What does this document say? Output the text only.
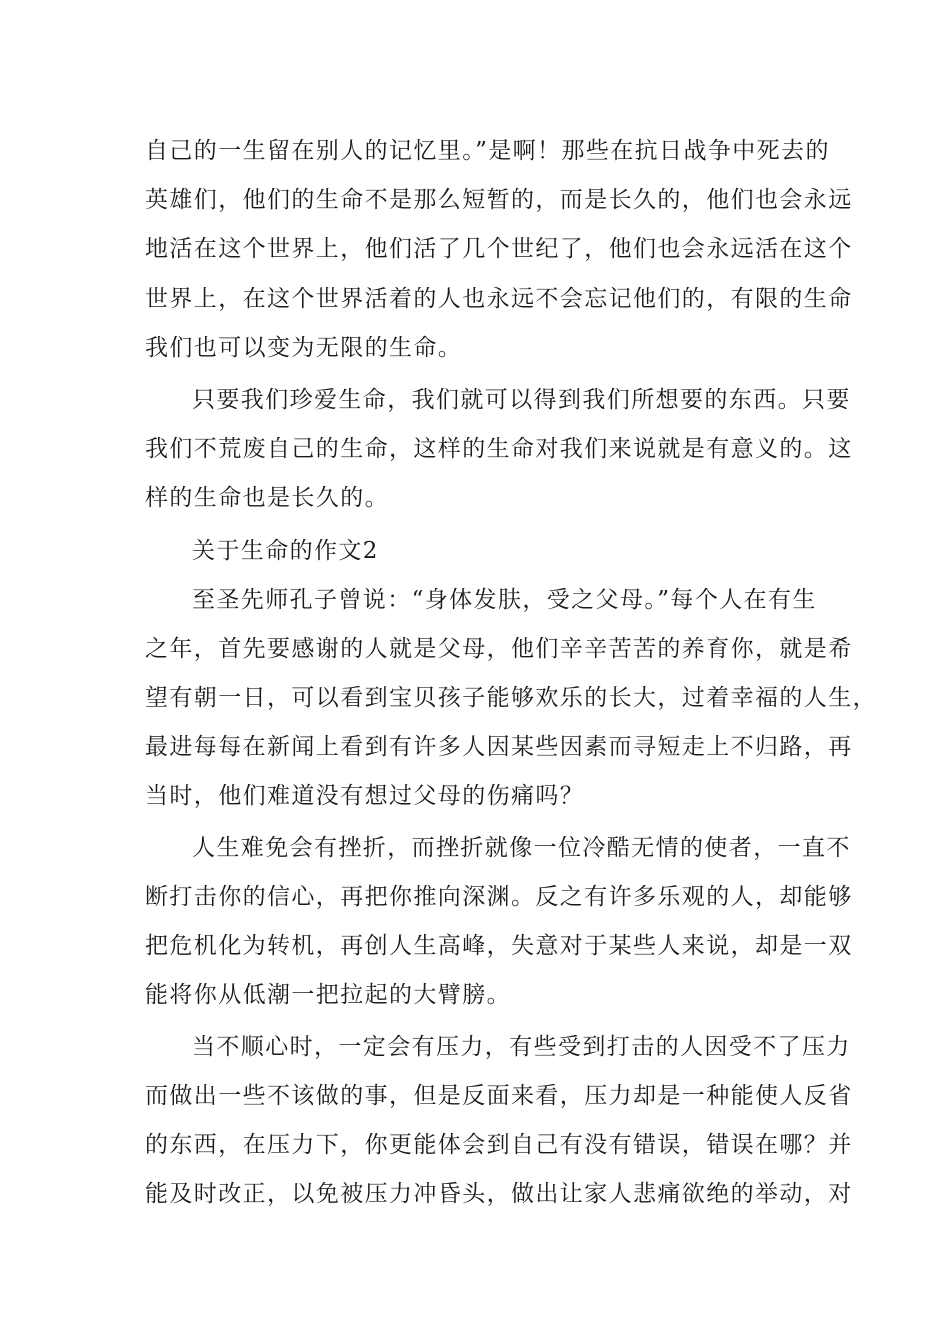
自己的一生留在别人的记忆里。”是啊！那些在抗日战争中死去的
英雄们，他们的生命不是那么短暂的，而是长久的，他们也会永远
地活在这个世界上，他们活了几个世纪了，他们也会永远活在这个
世界上，在这个世界活着的人也永远不会忘记他们的，有限的生命
我们也可以变为无限的生命。
只要我们珍爱生命，我们就可以得到我们所想要的东西。只要
我们不荒废自己的生命，这样的生命对我们来说就是有意义的。这
样的生命也是长久的。
关于生命的作文2
至圣先师孔子曾说：“身体发肤，受之父母。”每个人在有生
之年，首先要感谢的人就是父母，他们辛辛苦苦的养育你，就是希
望有朝一日，可以看到宝贝孩子能够欢乐的长大，过着幸福的人生，
最进每每在新闻上看到有许多人因某些因素而寻短走上不归路，再
当时，他们难道没有想过父母的伤痛吗？
人生难免会有挫折，而挫折就像一位冷酷无情的使者，一直不
断打击你的信心，再把你推向深渊。反之有许多乐观的人，却能够
把危机化为转机，再创人生高峰，失意对于某些人来说，却是一双
能将你从低潮一把拉起的大臂膀。
当不顺心时，一定会有压力，有些受到打击的人因受不了压力
而做出一些不该做的事，但是反面来看，压力却是一种能使人反省
的东西，在压力下，你更能体会到自己有没有错误，错误在哪？并
能及时改正，以免被压力冲昏头，做出让家人悲痛欲绝的举动，对
